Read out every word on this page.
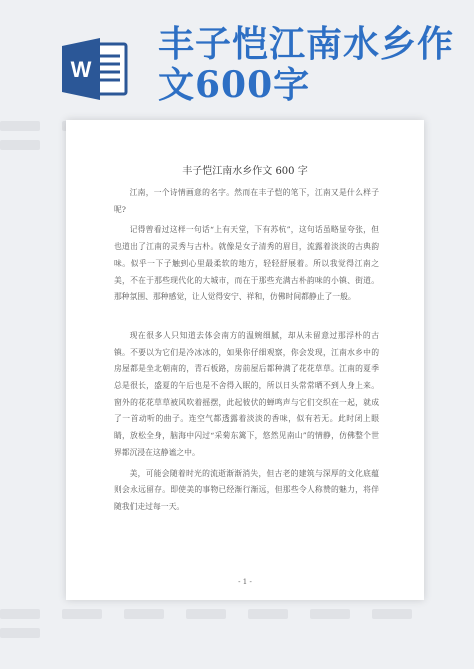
W
丰子恺江南水乡作
文600字
丰子恺江南水乡作文 600 字

江南，一个诗情画意的名字。然而在丰子恺的笔下，江南又是什么样子呢?

记得曾看过这样一句话“上有天堂，下有苏杭”，这句话虽略显夸张，但也道出了江南的灵秀与古朴。就像是女子清秀的眉目，流露着淡淡的古典韵味。似乎一下子触到心里最柔软的地方，轻轻舒展着。所以我觉得江南之美，不在于那些现代化的大城市，而在于那些充满古朴韵味的小镇、街道。那种氛围、那种感觉，让人觉得安宁、祥和，仿佛时间都静止了一般。

现在很多人只知道去体会南方的温婉细腻，却从未留意过那浮朴的古镇。不要以为它们是冷冰冰的，如果你仔细观察，你会发现，江南水乡中的房屋都是坐北朝南的，青石板路，房前屋后都种满了花花草草。江南的夏季总是很长，盛夏的午后也是不舍得入眠的，所以日头常常晒不到人身上来。窗外的花花草草被风吹着摇摆，此起彼伏的蝉鸣声与它们交织在一起，就成了一首动听的曲子。连空气都透露着淡淡的香味，似有若无。此时闭上眼睛，放松全身，脑海中闪过“采菊东篱下，悠然见南山”的情静，仿佛整个世界都沉浸在这静谧之中。

美，可能会随着时光的流逝渐渐消失，但古老的建筑与深厚的文化底蕴则会永远留存。即使美的事物已经渐行渐远，但那些令人称赞的魅力，将伴随我们走过每一天。

- 1 -
